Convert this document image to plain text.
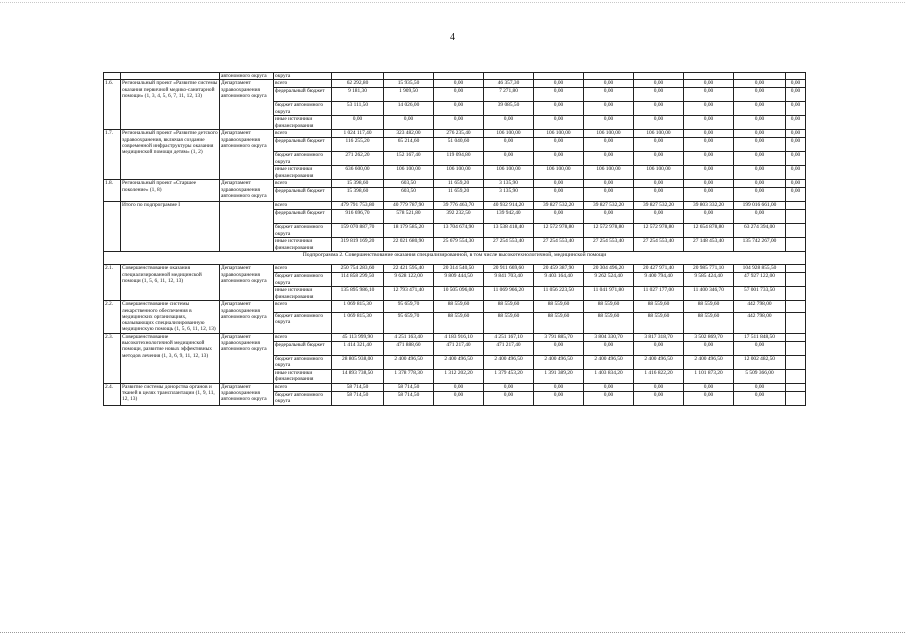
4
		автономного округа	округа										
1.6.	Региональный проект «Развитие системы оказания первичной медико-санитарной помощи» (1, 3, 4, 5, 6, 7, 11, 12, 13)	Департамент здравоохранения автономного округа	всего	62 292,80	15 935,50	0,00	46 357,30	0,00	0,00	0,00	0,00	0,00	0,00
			федеральный бюджет	9 181,30	1 909,50	0,00	7 271,80	0,00	0,00	0,00	0,00	0,00	0,00
			бюджет автономного округа	53 111,50	14 026,00	0,00	39 085,50	0,00	0,00	0,00	0,00	0,00	0,00
			иные источники финансирования	0,00	0,00	0,00	0,00	0,00	0,00	0,00	0,00	0,00	0,00
1.7.	Региональный проект «Развитие детского здравоохранения, включая создание современной инфраструктуры оказания медицинской помощи детям» (1, 2)	Департамент здравоохранения автономного округа	всего	1 024 117,40	323 482,00	276 235,40	106 100,00	106 100,00	106 100,00	106 100,00	0,00	0,00	0,00
			федеральный бюджет	116 255,20	65 214,60	51 040,60	0,00	0,00	0,00	0,00	0,00	0,00	0,00
			бюджет автономного округа	271 262,20	152 167,40	119 094,80	0,00	0,00	0,00	0,00	0,00	0,00	0,00
			иные источники финансирования	636 600,00	106 100,00	106 100,00	106 100,00	106 100,00	106 100,00	106 100,00	0,00	0,00	0,00
1.8.	Региональный проект «Старшее поколение» (1, 8)	Департамент здравоохранения автономного округа	всего	15 398,60	603,50	11 659,20	3 135,90	0,00	0,00	0,00	0,00	0,00	0,00
			федеральный бюджет	15 398,60	603,50	11 659,20	3 135,90	0,00	0,00	0,00	0,00	0,00	0,00
	Итого по подпрограмме I		всего	479 791 753,80	40 779 787,90	39 776 463,70	40 932 914,20	39 827 532,20	39 827 532,20	39 827 532,20	39 803 332,20	199 016 661,00	
			федеральный бюджет	916 696,70	578 521,80	392 232,50	139 942,40	0,00	0,00	0,00	0,00	0,00	
			бюджет автономного округа	159 070 887,70	18 179 585,20	13 704 674,90	13 538 418,40	12 572 978,80	12 572 978,80	12 572 978,80	12 654 878,80	63 274 394,00	
			иные источники финансирования	319 819 169,20	22 021 680,90	25 679 554,30	27 254 553,40	27 254 553,40	27 254 553,40	27 254 553,40	27 148 453,40	135 742 267,00	
Подпрограмма 2. Совершенствование оказания специализированной, в том числе высокотехнологичной, медицинской помощи													
2.1.	Совершенствование оказания специализированной медицинской помощи (1, 5, 6, 11, 12, 13)	Департамент здравоохранения автономного округа	всего	250 754 283,60	22 421 595,40	20 314 540,50	20 911 669,60	20 459 387,90	20 304 496,20	20 427 971,40	20 985 771,10	104 928 855,50	
			бюджет автономного округа	114 858 299,50	9 628 122,00	9 809 444,50	9 841 703,40	9 403 164,40	9 262 524,40	9 400 794,40	9 585 424,40	47 927 122,00	
			иные источники финансирования	135 895 986,10	12 793 471,40	10 505 096,00	11 069 966,20	11 056 223,50	11 041 971,80	11 027 177,00	11 400 346,70	57 001 733,50	
2.2.	Совершенствование системы лекарственного обеспечения в медицинских организациях, оказывающих специализированную медицинскую помощь (1, 5, 6, 11, 12, 13)	Департамент здравоохранения автономного округа	всего	1 069 815,30	95 659,70	88 559,60	88 559,60	88 559,60	88 559,60	88 559,60	88 559,60	442 798,00	
			бюджет автономного округа	1 069 815,30	95 659,70	88 559,60	88 559,60	88 559,60	88 559,60	88 559,60	88 559,60	442 798,00	
2.3.	Совершенствование высокотехнологичной медицинской помощи, развитие новых эффективных методов лечения (1, 3, 6, 9, 11, 12, 13)	Департамент здравоохранения автономного округа	всего	45 113 999,90	4 251 163,40	4 183 916,10	4 251 167,10	3 791 885,70	3 804 330,70	3 817 318,70	3 502 869,70	17 511 848,50	
			федеральный бюджет	1 414 321,40	471 888,60	471 217,40	471 217,40	0,00	0,00	0,00	0,00	0,00	
			бюджет автономного округа	28 805 938,00	2 400 496,50	2 400 496,50	2 400 496,50	2 400 496,50	2 400 496,50	2 400 496,50	2 400 496,50	12 002 482,50	
			иные источники финансирования	14 893 738,50	1 378 778,30	1 312 202,20	1 379 453,20	1 391 389,20	1 403 834,20	1 416 822,20	1 101 873,20	5 509 366,00	
2.4.	Развитие системы донорства органов и тканей в целях трансплантации (1, 9, 11, 12, 13)	Департамент здравоохранения автономного округа	всего	58 714,50	58 714,50	0,00	0,00	0,00	0,00	0,00	0,00	0,00	
			бюджет автономного округа	58 714,50	58 714,50	0,00	0,00	0,00	0,00	0,00	0,00	0,00	
